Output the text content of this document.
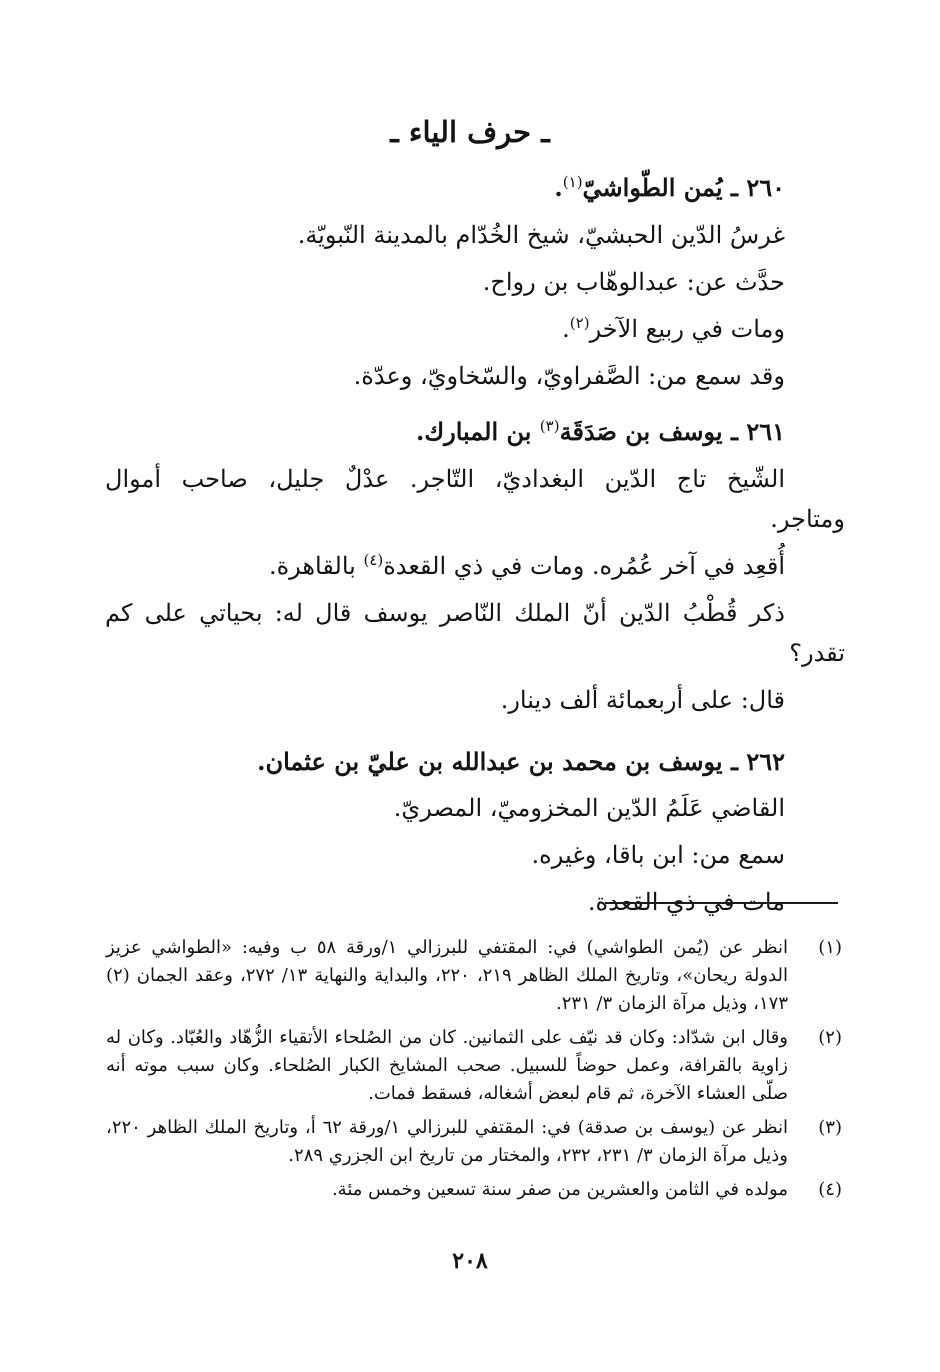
ـ حرف الياء ـ
٢٦٠ ـ يُمن الطّواشيّ$^{(١)}$.
غرسُ الدّين الحبشيّ، شيخ الخُدّام بالمدينة النّبويّة.
حدَّث عن: عبدالوهّاب بن رواح.
ومات في ربيع الآخر$^{(٢)}$.
وقد سمع من: الصَّفراويّ، والسّخاويّ، وعدّة.
٢٦١ ـ يوسف بن صَدَقَة$^{(٣)}$ بن المبارك.
الشّيخ تاج الدّين البغداديّ، التّاجر. عدْلٌ جليل، صاحب أموال
ومتاجر.
أُقعِد في آخر عُمُره. ومات في ذي القعدة$^{(٤)}$ بالقاهرة.
ذكر قُطْبُ الدّين أنّ الملك النّاصر يوسف قال له: بحياتي على كم
تقدر؟
قال: على أربعمائة ألف دينار.
٢٦٢ ـ يوسف بن محمد بن عبدالله بن عليّ بن عثمان.
القاضي عَلَمُ الدّين المخزوميّ، المصريّ.
سمع من: ابن باقا، وغيره.
مات في ذي القعدة.
(١)
انظر عن (يُمن الطواشي) في: المقتفي للبرزالي ١/ورقة ٥٨ ب وفيه: «الطواشي عزيز الدولة ريحان»، وتاريخ الملك الظاهر ٢١٩، ٢٢٠، والبداية والنهاية ١٣/ ٢٧٢، وعقد الجمان (٢) ١٧٣، وذيل مرآة الزمان ٣/ ٢٣١.
(٢)
وقال ابن شدّاد: وكان قد نيّف على الثمانين. كان من الصُلحاء الأتقياء الزُّهّاد والعُبّاد. وكان له زاوية بالقرافة، وعمل حوضاً للسبيل. صحب المشايخ الكبار الصُلحاء. وكان سبب موته أنه صلّى العشاء الآخرة، ثم قام لبعض أشغاله، فسقط فمات.
(٣)
انظر عن (يوسف بن صدقة) في: المقتفي للبرزالي ١/ورقة ٦٢ أ، وتاريخ الملك الظاهر ٢٢٠، وذيل مرآة الزمان ٣/ ٢٣١، ٢٣٢، والمختار من تاريخ ابن الجزري ٢٨٩.
(٤)
مولده في الثامن والعشرين من صفر سنة تسعين وخمس مئة.
٢٠٨
